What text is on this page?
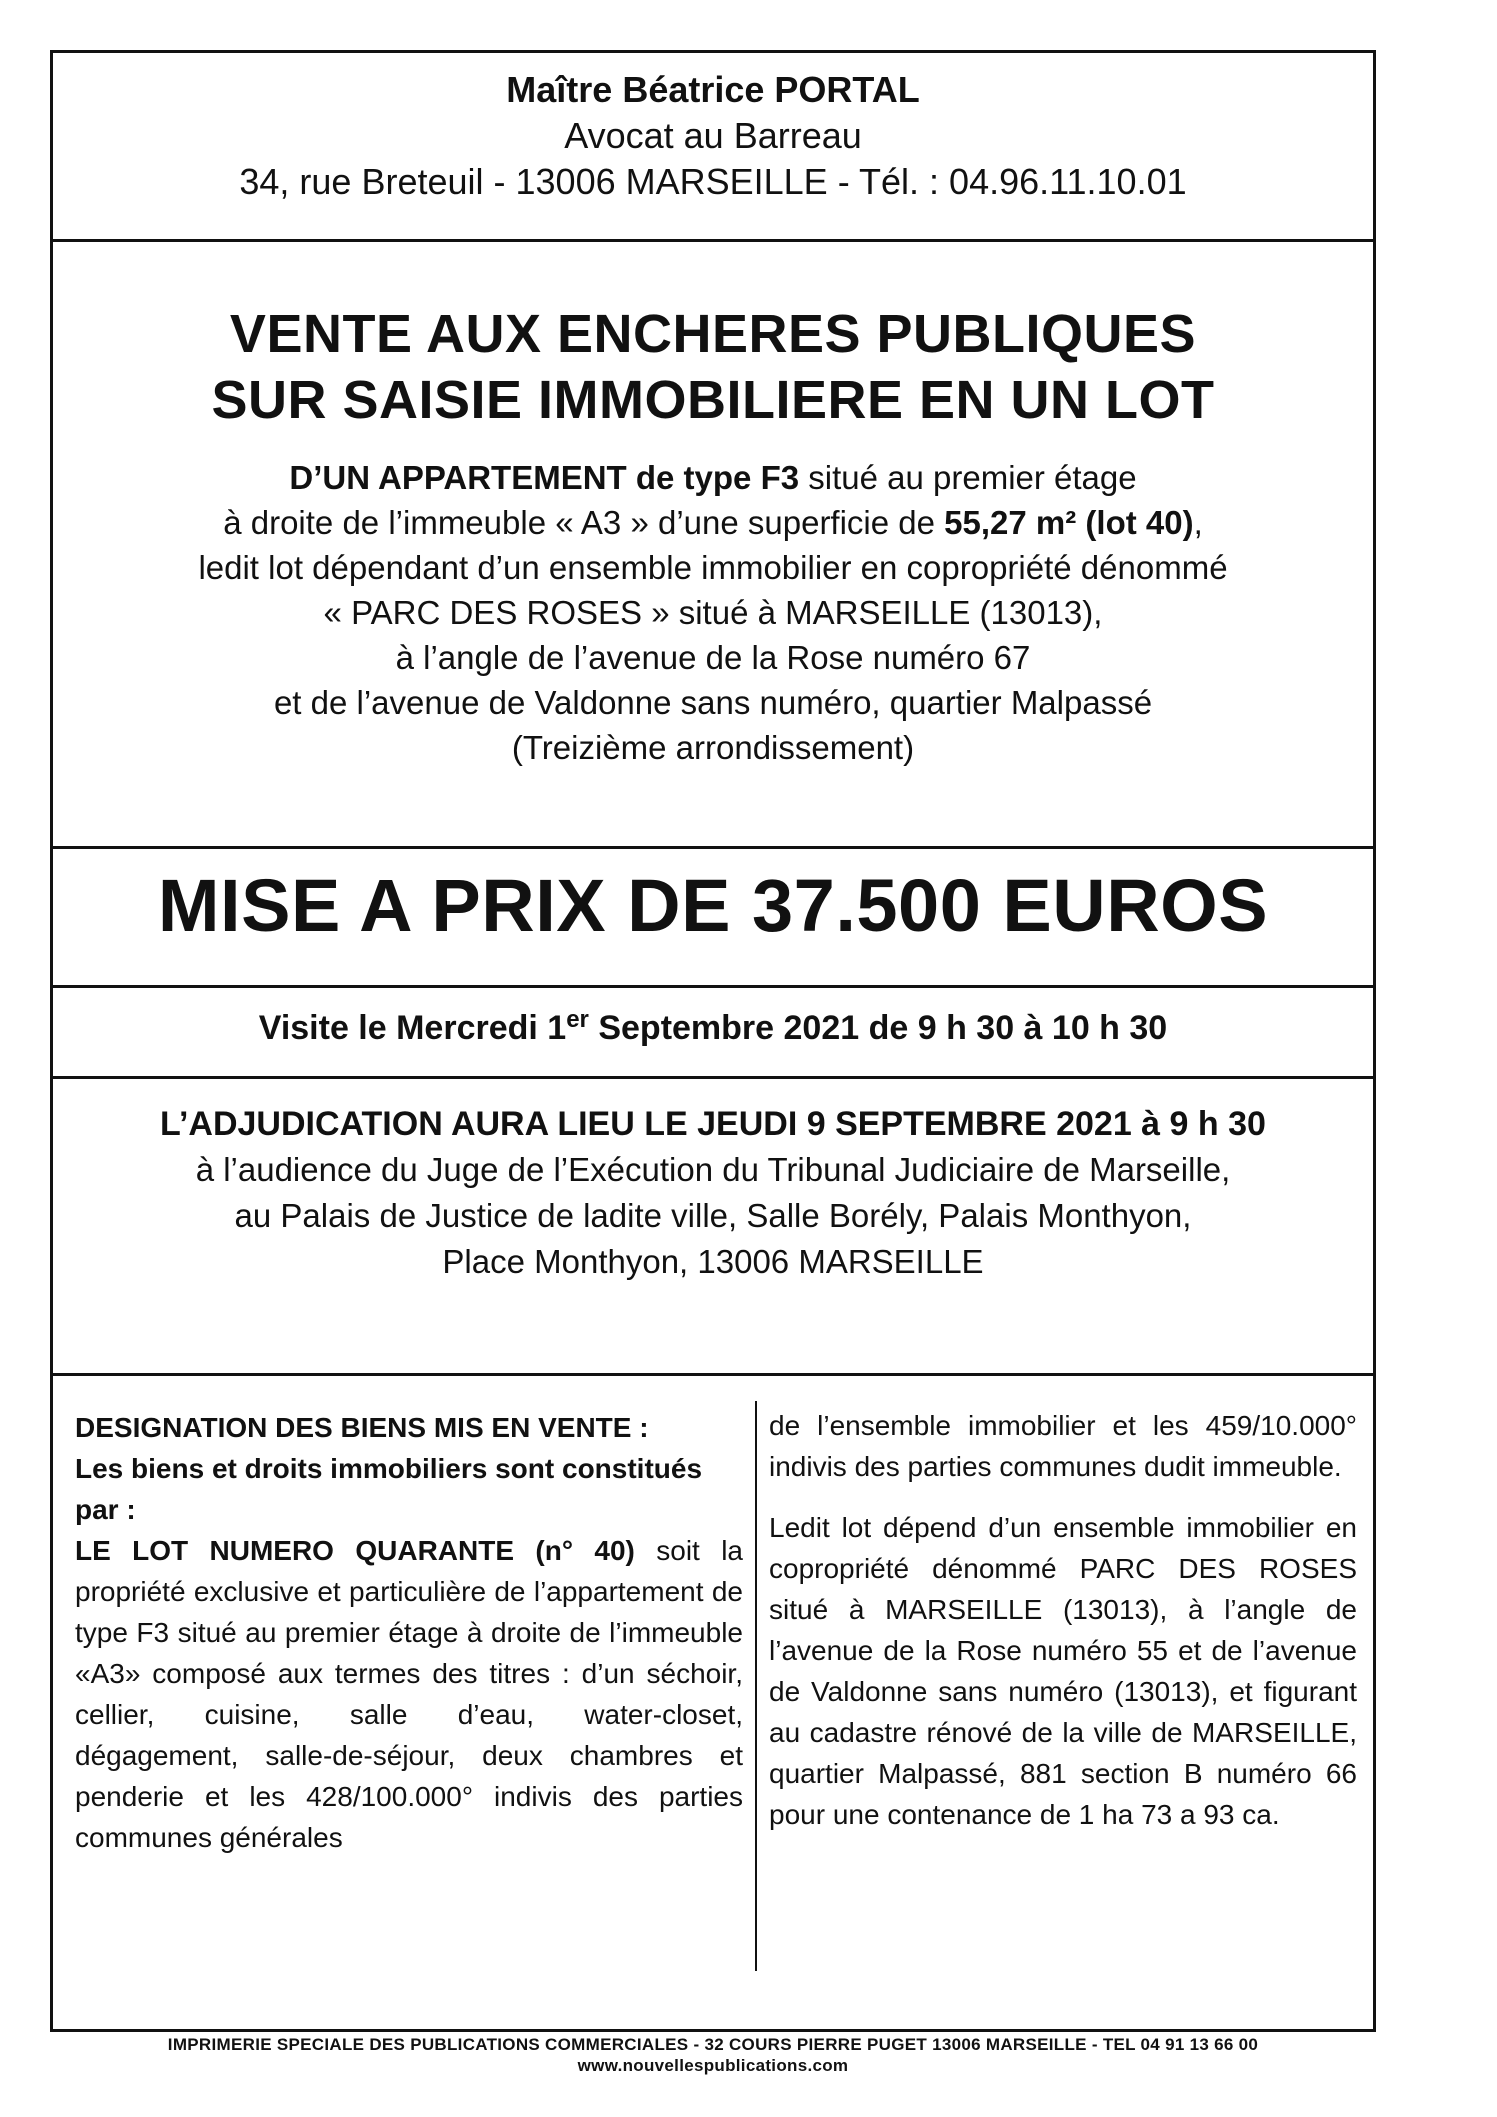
Maître Béatrice PORTAL
Avocat au Barreau
34, rue Breteuil - 13006 MARSEILLE - Tél. : 04.96.11.10.01
VENTE AUX ENCHERES PUBLIQUES
SUR SAISIE IMMOBILIERE EN UN LOT
D’UN APPARTEMENT de type F3 situé au premier étage
à droite de l’immeuble « A3 » d’une superficie de 55,27 m² (lot 40),
ledit lot dépendant d’un ensemble immobilier en copropriété dénommé
« PARC DES ROSES » situé à MARSEILLE (13013),
à l’angle de l’avenue de la Rose numéro 67
et de l’avenue de Valdonne sans numéro, quartier Malpassé
(Treizième arrondissement)
MISE A PRIX DE 37.500 EUROS
Visite le Mercredi 1er Septembre 2021 de 9 h 30 à 10 h 30
L’ADJUDICATION AURA LIEU LE JEUDI 9 SEPTEMBRE 2021 à 9 h 30
à l’audience du Juge de l’Exécution du Tribunal Judiciaire de Marseille,
au Palais de Justice de ladite ville, Salle Borély, Palais Monthyon,
Place Monthyon, 13006 MARSEILLE
DESIGNATION DES BIENS MIS EN VENTE :
Les biens et droits immobiliers sont constitués par :
LE LOT NUMERO QUARANTE (n° 40) soit la propriété exclusive et particulière de l’appartement de type F3 situé au premier étage à droite de l’immeuble «A3» composé aux termes des titres : d’un séchoir, cellier, cuisine, salle d’eau, water-closet, dégagement, salle-de-séjour, deux chambres et penderie et les 428/100.000° indivis des parties communes générales

de l’ensemble immobilier et les 459/10.000° indivis des parties communes dudit immeuble.

Ledit lot dépend d’un ensemble immobilier en copropriété dénommé PARC DES ROSES situé à MARSEILLE (13013), à l’angle de l’avenue de la Rose numéro 55 et de l’avenue de Valdonne sans numéro (13013), et figurant au cadastre rénové de la ville de MARSEILLE, quartier Malpassé, 881 section B numéro 66 pour une contenance de 1 ha 73 a 93 ca.

IMPRIMERIE SPECIALE DES PUBLICATIONS COMMERCIALES - 32 COURS PIERRE PUGET 13006 MARSEILLE - TEL 04 91 13 66 00
www.nouvellespublications.com
